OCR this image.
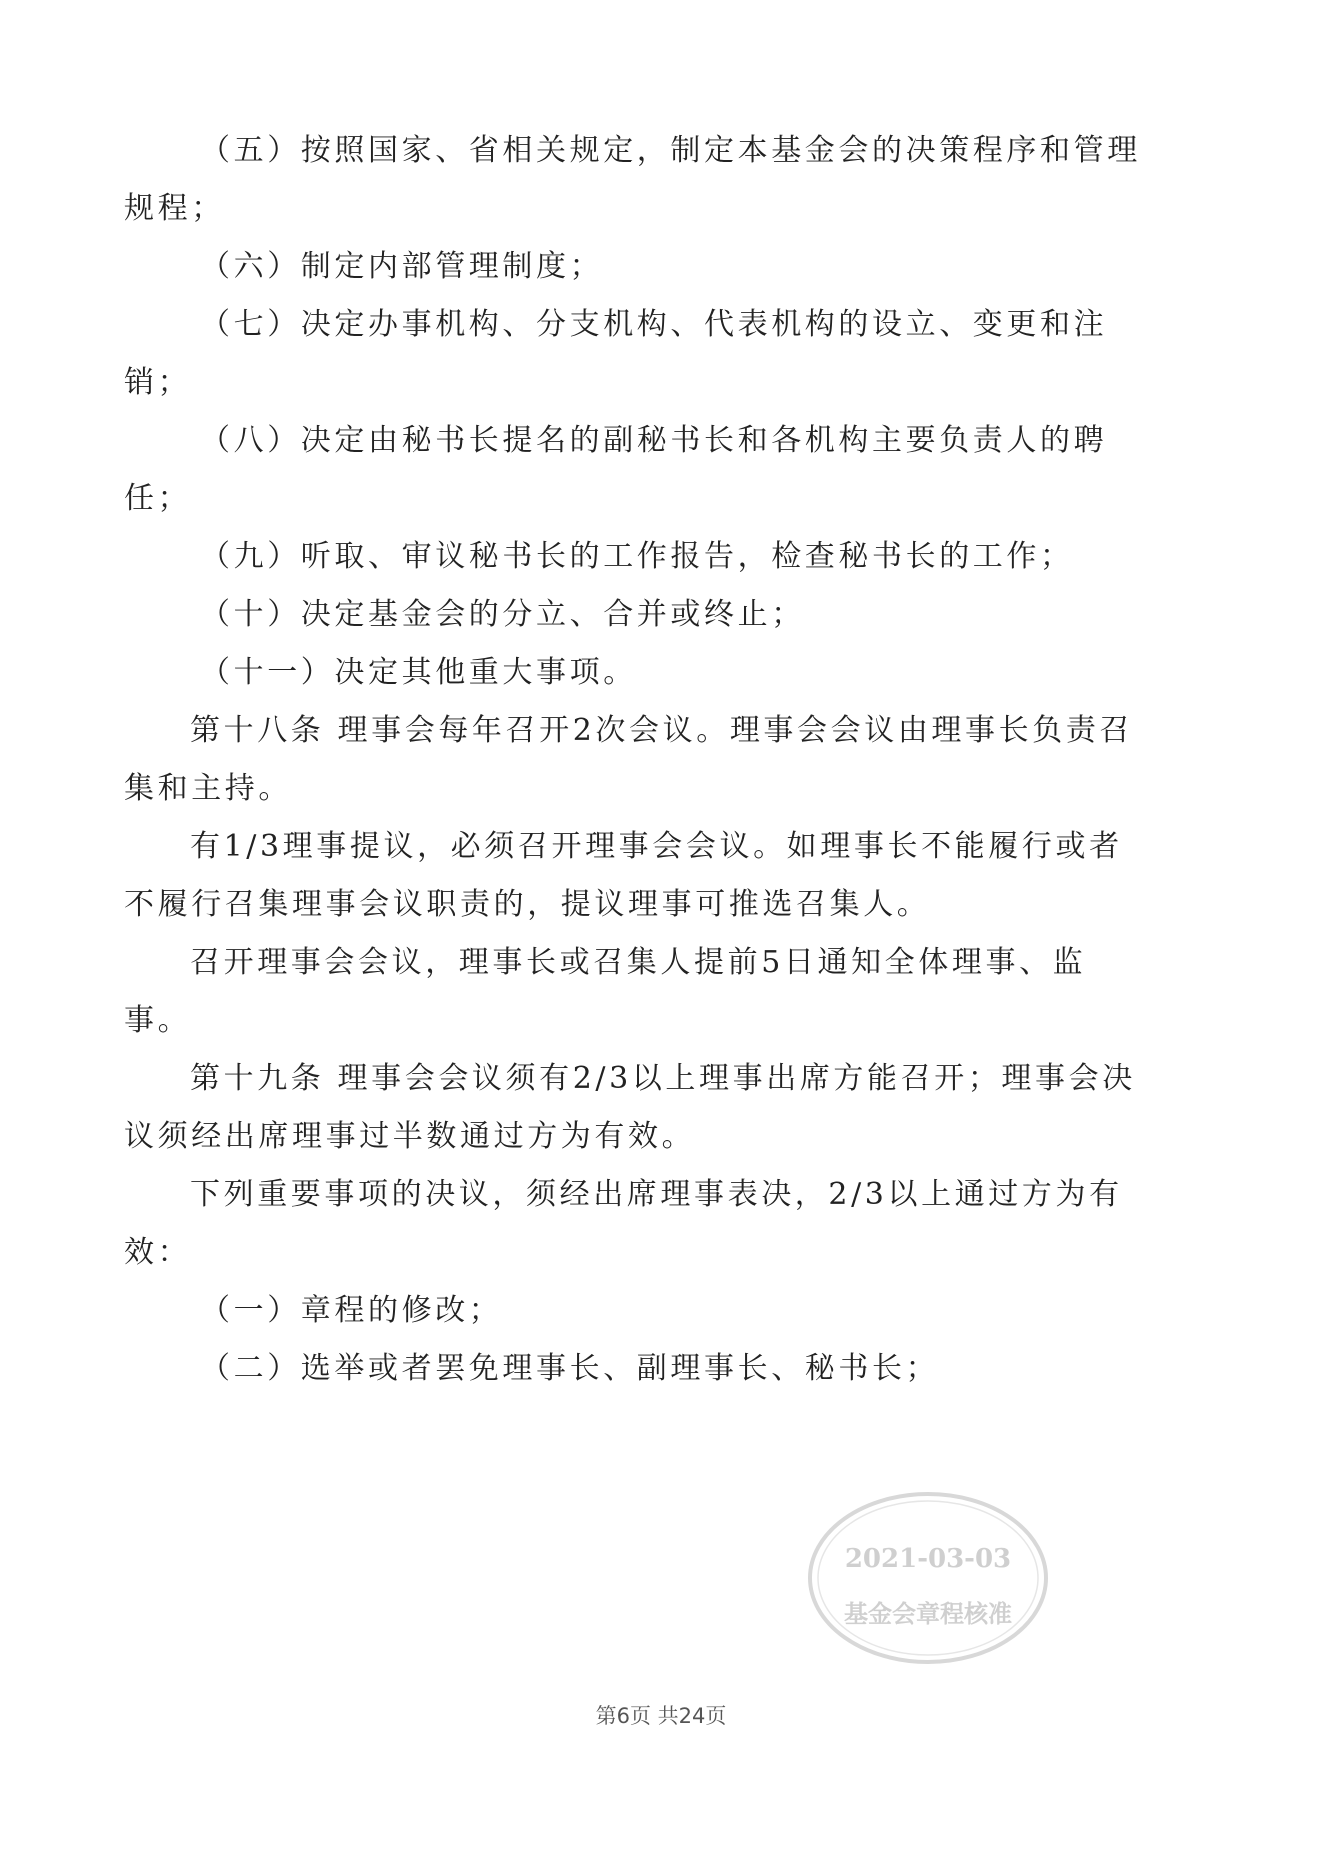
（五）按照国家、省相关规定，制定本基金会的决策程序和管理

规程；

（六）制定内部管理制度；

（七）决定办事机构、分支机构、代表机构的设立、变更和注

销；

（八）决定由秘书长提名的副秘书长和各机构主要负责人的聘

任；

（九）听取、审议秘书长的工作报告，检查秘书长的工作；

（十）决定基金会的分立、合并或终止；

（十一）决定其他重大事项。

第十八条 理事会每年召开2次会议。理事会会议由理事长负责召

集和主持。

有1/3理事提议，必须召开理事会会议。如理事长不能履行或者

不履行召集理事会议职责的，提议理事可推选召集人。

召开理事会会议，理事长或召集人提前5日通知全体理事、监

事。

第十九条 理事会会议须有2/3以上理事出席方能召开；理事会决

议须经出席理事过半数通过方为有效。

下列重要事项的决议，须经出席理事表决，2/3以上通过方为有

效：

（一）章程的修改；

（二）选举或者罢免理事长、副理事长、秘书长；

2021-03-03
基金会章程核准
第6页 共24页
